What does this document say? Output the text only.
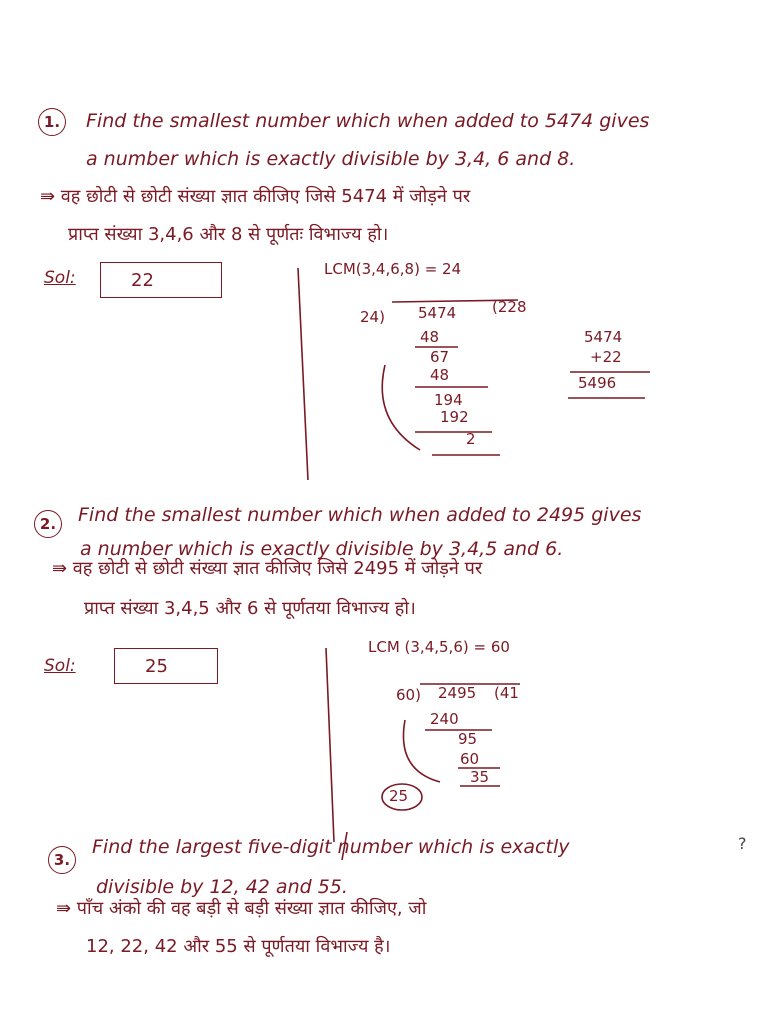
1.	Find the smallest number which when added to 5474 gives
a number which is exactly divisible by 3,4, 6 and 8.
⇛ वह छोटी से छोटी संख्या ज्ञात कीजिए जिसे 5474 में जोड़ने पर
प्राप्त संख्या 3,4,6 और 8 से पूर्णतः विभाज्य हो।
Sol:	22
LCM(3,4,6,8) = 24
24) 5474 (228
48
67
48
194
192
2
5474
+22
5496
2.	Find the smallest number which when added to 2495 gives
a number which is exactly divisible by 3,4,5 and 6.
⇛ वह छोटी से छोटी संख्या ज्ञात कीजिए जिसे 2495 में जोड़ने पर
प्राप्त संख्या 3,4,5 और 6 से पूर्णतया विभाज्य हो।
Sol:	25
LCM (3,4,5,6) = 60
60) 2495 (41
240
95
60
35
25
3.
Find the largest five-digit number which is exactly
divisible by 12, 42 and 55.
⇛ पाँच अंको की वह बड़ी से बड़ी संख्या ज्ञात कीजिए, जो
12, 22, 42 और 55 से पूर्णतया विभाज्य है।
?
